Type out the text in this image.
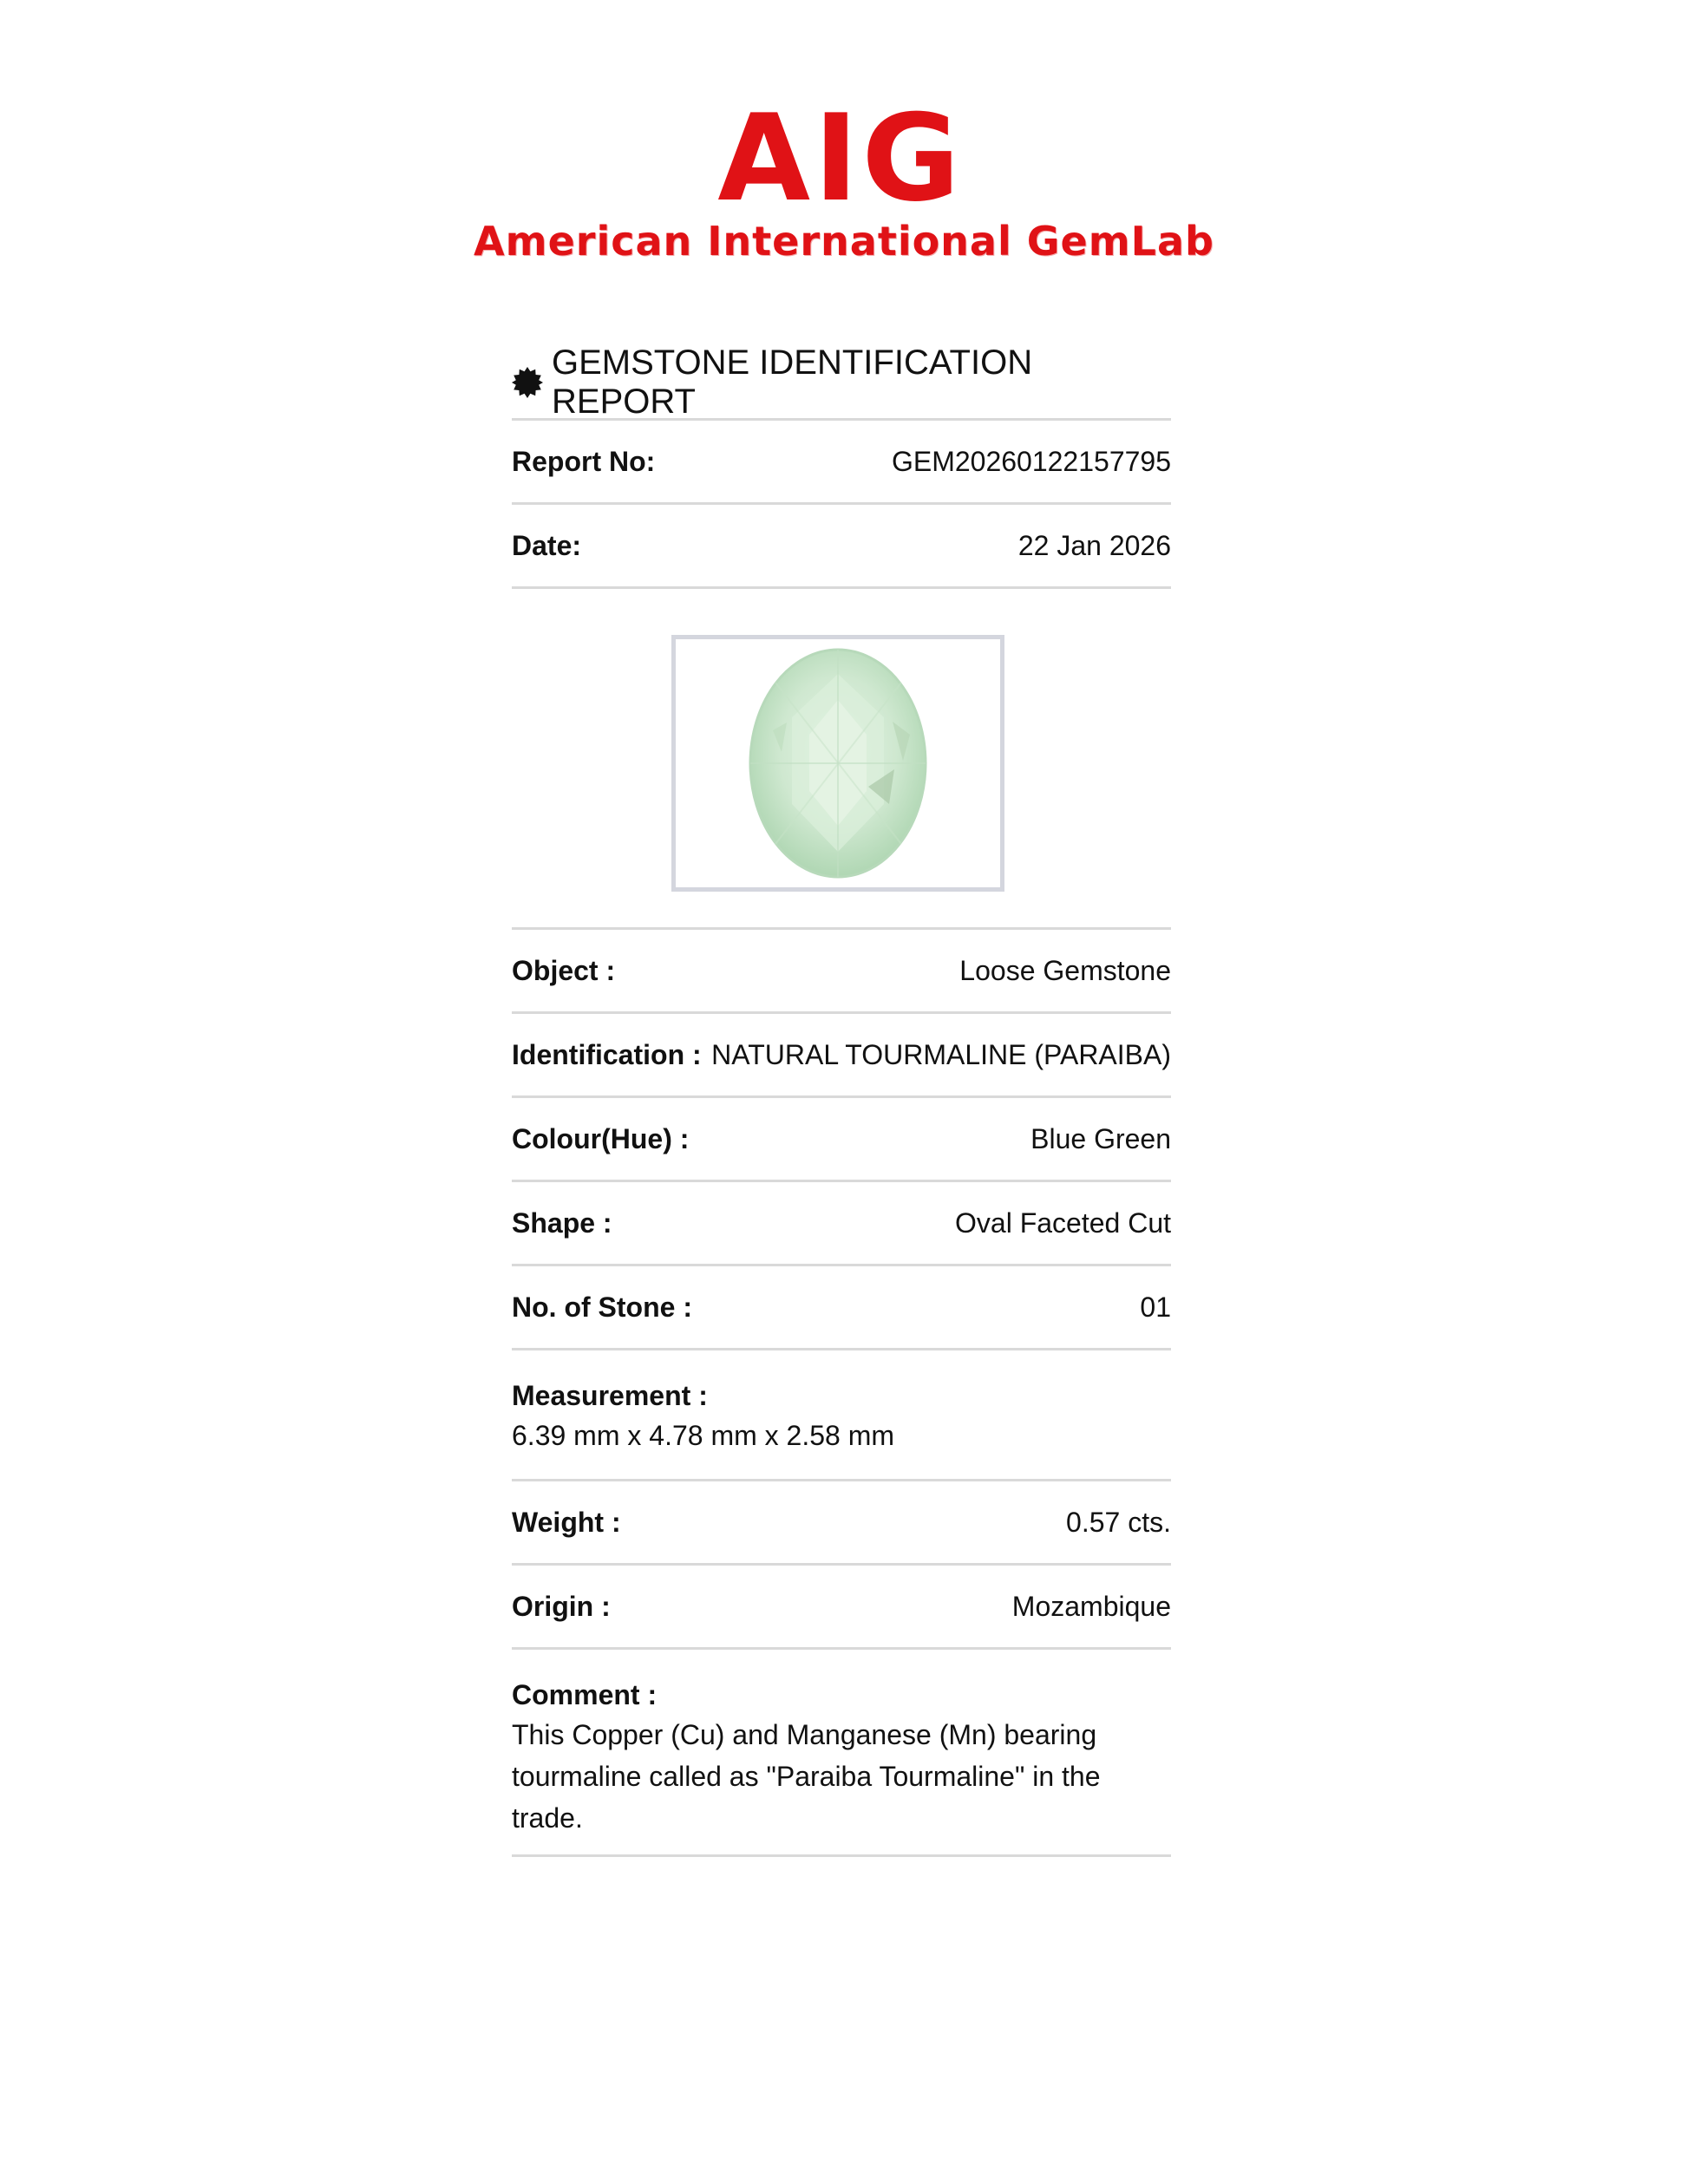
AIG
American International GemLab
GEMSTONE IDENTIFICATION REPORT
Report No:	GEM20260122157795
Date:	22 Jan 2026
Object :	Loose Gemstone
Identification : NATURAL TOURMALINE (PARAIBA)
Colour(Hue) :	Blue Green
Shape :	Oval Faceted Cut
No. of Stone :	01
Measurement :
6.39 mm x 4.78 mm x 2.58 mm
Weight :	0.57 cts.
Origin :	Mozambique
Comment :
This Copper (Cu) and Manganese (Mn) bearing tourmaline called as "Paraiba Tourmaline" in the trade.
